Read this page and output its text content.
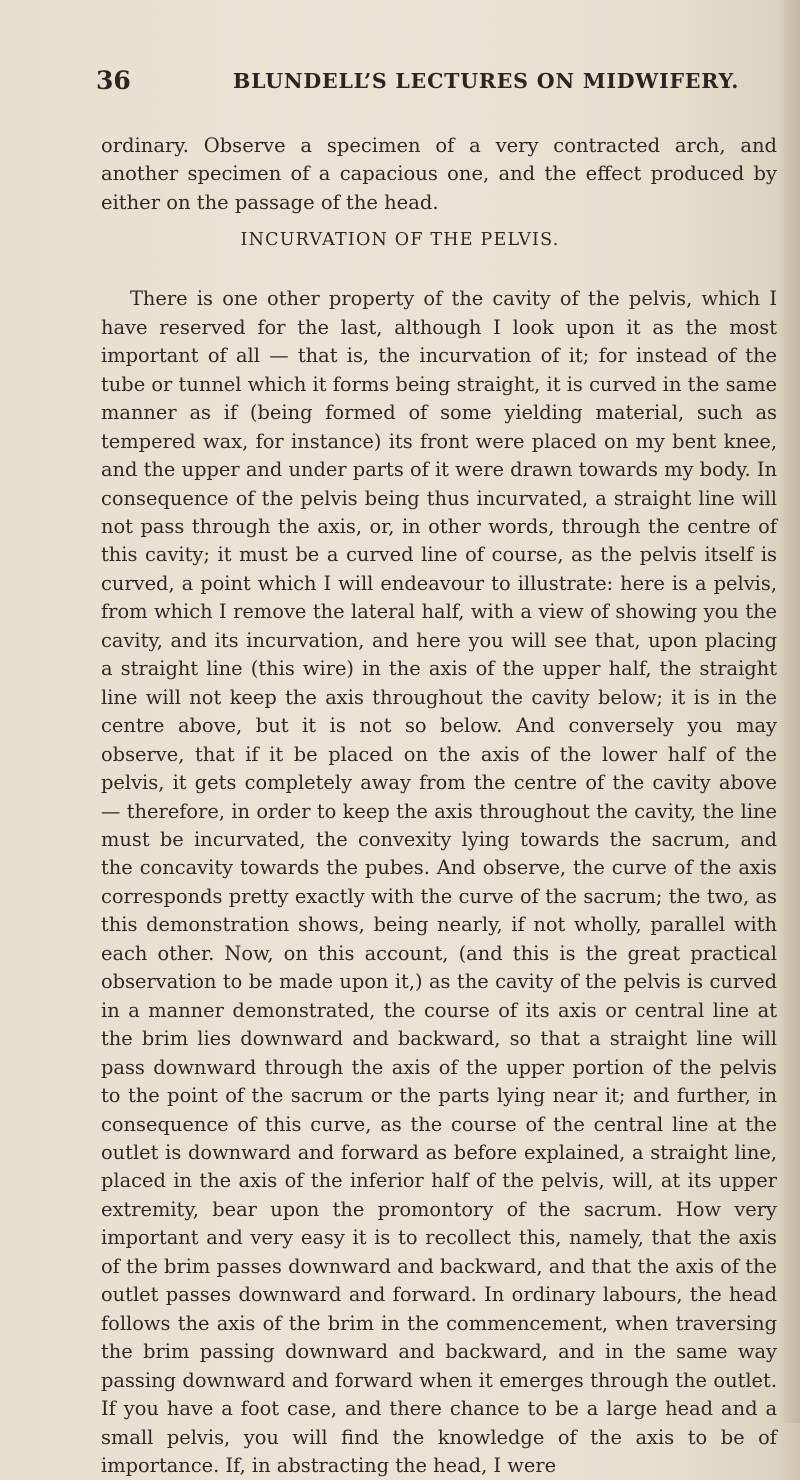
36	BLUNDELL’S LECTURES ON MIDWIFERY.

ordinary. Observe a specimen of a very contracted arch, and another specimen of a capacious one, and the effect produced by either on the passage of the head.

INCURVATION OF THE PELVIS.

There is one other property of the cavity of the pelvis, which I have reserved for the last, although I look upon it as the most important of all — that is, the incurvation of it; for instead of the tube or tunnel which it forms being straight, it is curved in the same manner as if (being formed of some yielding material, such as tempered wax, for instance) its front were placed on my bent knee, and the upper and under parts of it were drawn towards my body. In consequence of the pelvis being thus incurvated, a straight line will not pass through the axis, or, in other words, through the centre of this cavity; it must be a curved line of course, as the pelvis itself is curved, a point which I will endeavour to illustrate: here is a pelvis, from which I remove the lateral half, with a view of showing you the cavity, and its incurvation, and here you will see that, upon placing a straight line (this wire) in the axis of the upper half, the straight line will not keep the axis throughout the cavity below; it is in the centre above, but it is not so below. And conversely you may observe, that if it be placed on the axis of the lower half of the pelvis, it gets completely away from the centre of the cavity above — therefore, in order to keep the axis throughout the cavity, the line must be incurvated, the convexity lying towards the sacrum, and the concavity towards the pubes. And observe, the curve of the axis corresponds pretty exactly with the curve of the sacrum; the two, as this demonstration shows, being nearly, if not wholly, parallel with each other. Now, on this account, (and this is the great practical observation to be made upon it,) as the cavity of the pelvis is curved in a manner demonstrated, the course of its axis or central line at the brim lies downward and backward, so that a straight line will pass downward through the axis of the upper portion of the pelvis to the point of the sacrum or the parts lying near it; and further, in consequence of this curve, as the course of the central line at the outlet is downward and forward as before explained, a straight line, placed in the axis of the inferior half of the pelvis, will, at its upper extremity, bear upon the promontory of the sacrum. How very important and very easy it is to recollect this, namely, that the axis of the brim passes downward and backward, and that the axis of the outlet passes downward and forward. In ordinary labours, the head follows the axis of the brim in the commencement, when traversing the brim passing downward and backward, and in the same way passing downward and forward when it emerges through the outlet. If you have a foot case, and there chance to be a large head and a small pelvis, you will find the knowledge of the axis to be of importance. If, in abstracting the head, I were
